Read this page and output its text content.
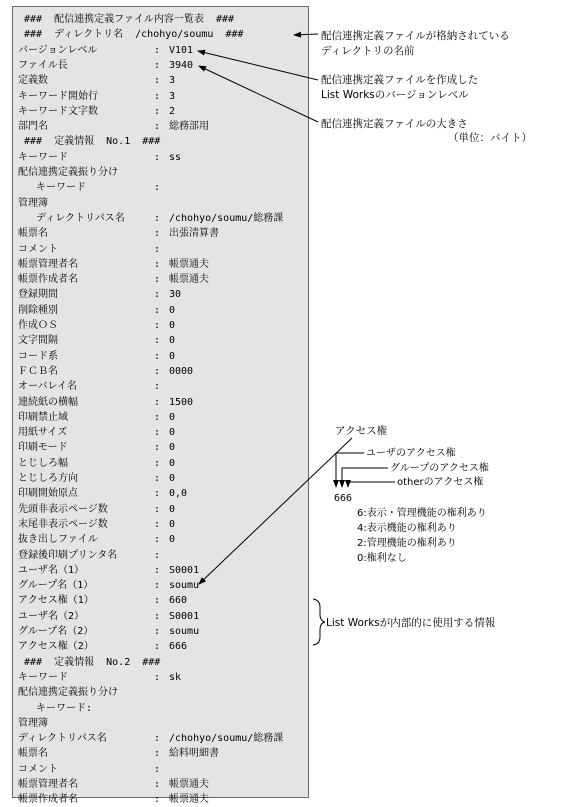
###  配信連携定義ファイル内容一覧表  ###
###  ディレクトリ名  /chohyo/soumu  ###
バージョンレベル	: V101
ファイル長	: 3940
定義数	: 3
キーワード開始行	: 3
キーワード文字数	: 2
部門名	: 総務部用
###  定義情報  No.1  ###
キーワード	: ss
配信連携定義振り分け
キーワード	:
管理簿
ディレクトリパス名	: /chohyo/soumu/総務課
帳票名	: 出張清算書
コメント	:
帳票管理者名	: 帳票通夫
帳票作成者名	: 帳票通夫
登録期間	: 30
削除種別	: 0
作成ＯＳ	: 0
文字間隔	: 0
コード系	: 0
ＦＣＢ名	: 0000
オーバレイ名	:
連続紙の横幅	: 1500
印刷禁止域	: 0
用紙サイズ	: 0
印刷モード	: 0
とじしろ幅	: 0
とじしろ方向	: 0
印刷開始原点	: 0,0
先頭非表示ページ数	: 0
末尾非表示ページ数	: 0
抜き出しファイル	: 0
登録後印刷プリンタ名	:
ユーザ名（1）	: S0001
グループ名（1）	: soumu
アクセス権（1）	: 660
ユーザ名（2）	: S0001
グループ名（2）	: soumu
アクセス権（2）	: 666
###  定義情報  No.2  ###
キーワード	: sk
配信連携定義振り分け
キーワード:
管理簿
ディレクトリパス名	: /chohyo/soumu/総務課
帳票名	: 給料明細書
コメント	:
帳票管理者名	: 帳票通夫
帳票作成者名	: 帳票通夫
配信連携定義ファイルが格納されている
ディレクトリの名前
配信連携定義ファイルを作成した
List Worksのバージョンレベル
配信連携定義ファイルの大きさ
（単位：バイト）
アクセス権
ユーザのアクセス権
グループのアクセス権
otherのアクセス権
666
6:表示・管理機能の権利あり
4:表示機能の権利あり
2:管理機能の権利あり
0:権利なし
List Worksが内部的に使用する情報
